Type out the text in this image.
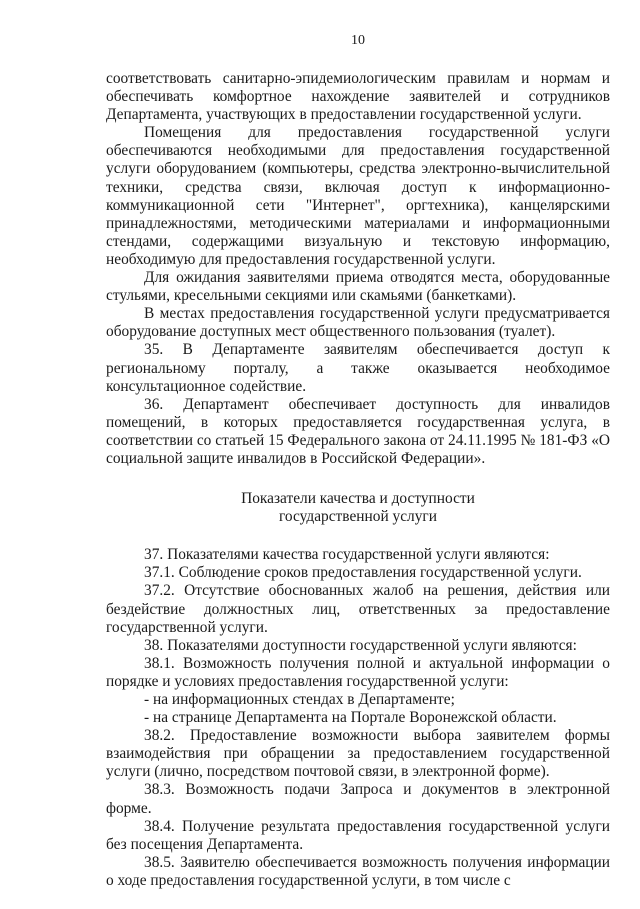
10

соответствовать санитарно-эпидемиологическим правилам и нормам и обеспечивать комфортное нахождение заявителей и сотрудников Департамента, участвующих в предоставлении государственной услуги.

Помещения для предоставления государственной услуги обеспечиваются необходимыми для предоставления государственной услуги оборудованием (компьютеры, средства электронно-вычислительной техники, средства связи, включая доступ к информационно-коммуникационной сети "Интернет", оргтехника), канцелярскими принадлежностями, методическими материалами и информационными стендами, содержащими визуальную и текстовую информацию, необходимую для предоставления государственной услуги.

Для ожидания заявителями приема отводятся места, оборудованные стульями, кресельными секциями или скамьями (банкетками).

В местах предоставления государственной услуги предусматривается оборудование доступных мест общественного пользования (туалет).

35. В Департаменте заявителям обеспечивается доступ к региональному порталу, а также оказывается необходимое консультационное содействие.

36. Департамент обеспечивает доступность для инвалидов помещений, в которых предоставляется государственная услуга, в соответствии со статьей 15 Федерального закона от 24.11.1995 № 181-ФЗ «О социальной защите инвалидов в Российской Федерации».

Показатели качества и доступности
государственной услуги

37. Показателями качества государственной услуги являются:

37.1. Соблюдение сроков предоставления государственной услуги.

37.2. Отсутствие обоснованных жалоб на решения, действия или бездействие должностных лиц, ответственных за предоставление государственной услуги.

38. Показателями доступности государственной услуги являются:

38.1. Возможность получения полной и актуальной информации о порядке и условиях предоставления государственной услуги:

- на информационных стендах в Департаменте;

- на странице Департамента на Портале Воронежской области.

38.2. Предоставление возможности выбора заявителем формы взаимодействия при обращении за предоставлением государственной услуги (лично, посредством почтовой связи, в электронной форме).

38.3. Возможность подачи Запроса и документов в электронной форме.

38.4. Получение результата предоставления государственной услуги без посещения Департамента.

38.5. Заявителю обеспечивается возможность получения информации о ходе предоставления государственной услуги, в том числе с
